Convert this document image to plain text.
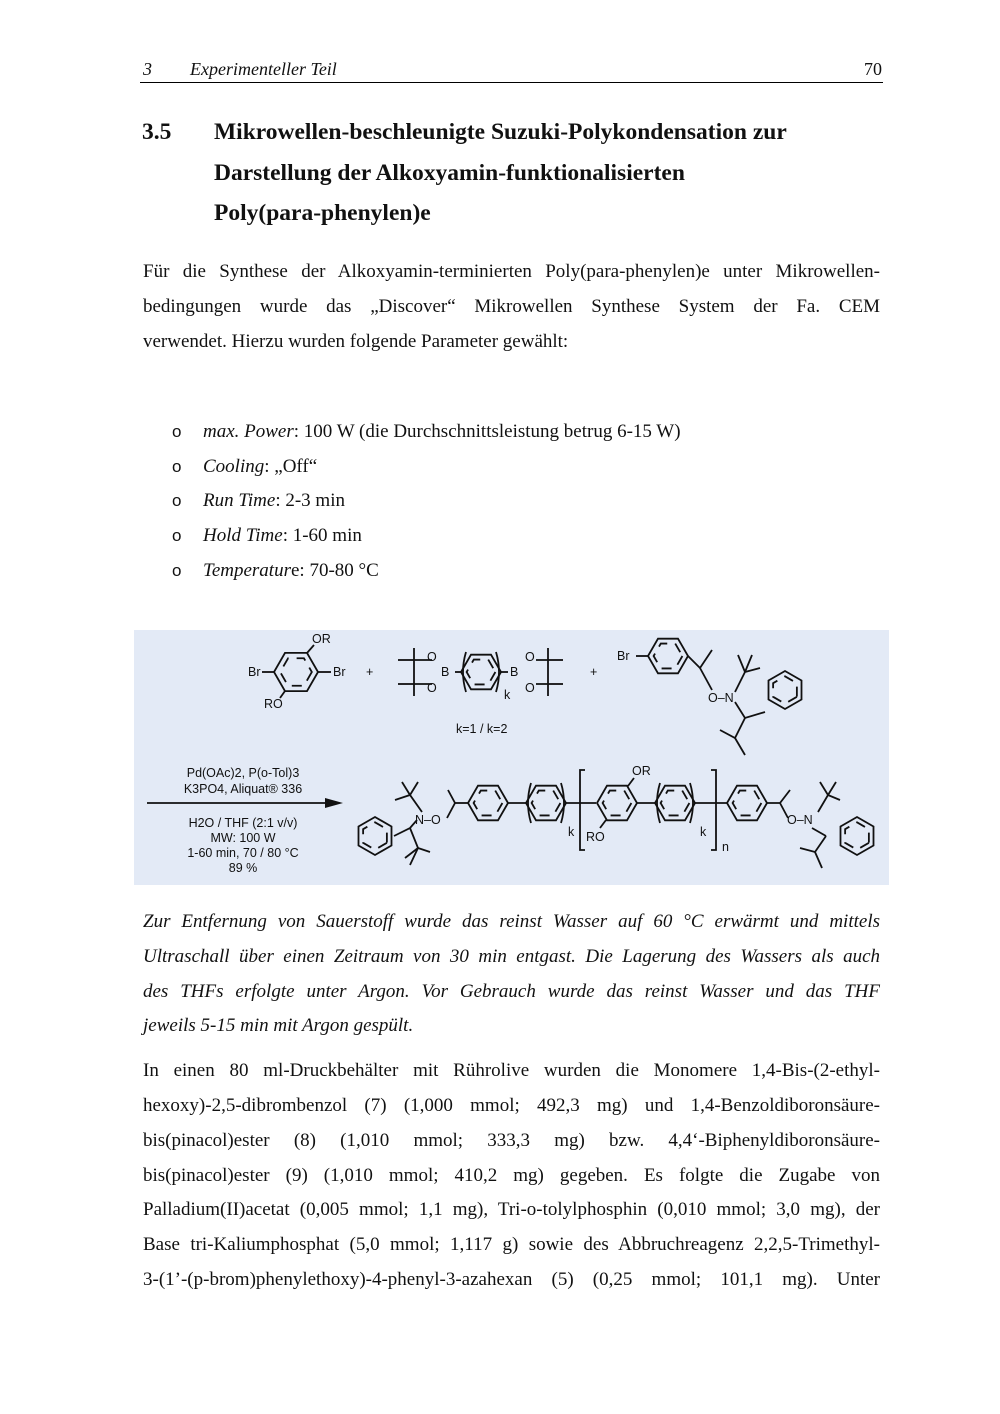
3 Experimenteller Teil	70
3.5 Mikrowellen-beschleunigte Suzuki-Polykondensation zur
Darstellung der Alkoxyamin-funktionalisierten
Poly(para-phenylen)e
Für die Synthese der Alkoxyamin-terminierten Poly(para-phenylen)e unter Mikrowellen-
bedingungen wurde das „Discover“ Mikrowellen Synthese System der Fa. CEM
verwendet. Hierzu wurden folgende Parameter gewählt:
o max. Power: 100 W (die Durchschnittsleistung betrug 6-15 W)
o Cooling: „Off“
o Run Time: 2-3 min
o Hold Time: 1-60 min
o Temperature: 70-80 °C
Br	Br
OR
RO
+
O
O
B	B
O
O
k
+
k=1 / k=2
Br
O–N
Pd(OAc)2, P(o-Tol)3
K3PO4, Aliquat® 336
H2O / THF (2:1 v/v)
MW: 100 W
1-60 min, 70 / 80 °C
89 %
N–O
k
OR
RO	k
n
O–N
Zur Entfernung von Sauerstoff wurde das reinst Wasser auf 60 °C erwärmt und mittels
Ultraschall über einen Zeitraum von 30 min entgast. Die Lagerung des Wassers als auch
des THFs erfolgte unter Argon. Vor Gebrauch wurde das reinst Wasser und das THF
jeweils 5-15 min mit Argon gespült.
In einen 80 ml-Druckbehälter mit Rührolive wurden die Monomere 1,4-Bis-(2-ethyl-
hexoxy)-2,5-dibrombenzol (7) (1,000 mmol; 492,3 mg) und 1,4-Benzoldiboronsäure-
bis(pinacol)ester (8) (1,010 mmol; 333,3 mg) bzw. 4,4‘-Biphenyldiboronsäure-
bis(pinacol)ester (9) (1,010 mmol; 410,2 mg) gegeben. Es folgte die Zugabe von
Palladium(II)acetat (0,005 mmol; 1,1 mg), Tri-o-tolylphosphin (0,010 mmol; 3,0 mg), der
Base tri-Kaliumphosphat (5,0 mmol; 1,117 g) sowie des Abbruchreagenz 2,2,5-Trimethyl-
3-(1’-(p-brom)phenylethoxy)-4-phenyl-3-azahexan (5) (0,25 mmol; 101,1 mg). Unter
